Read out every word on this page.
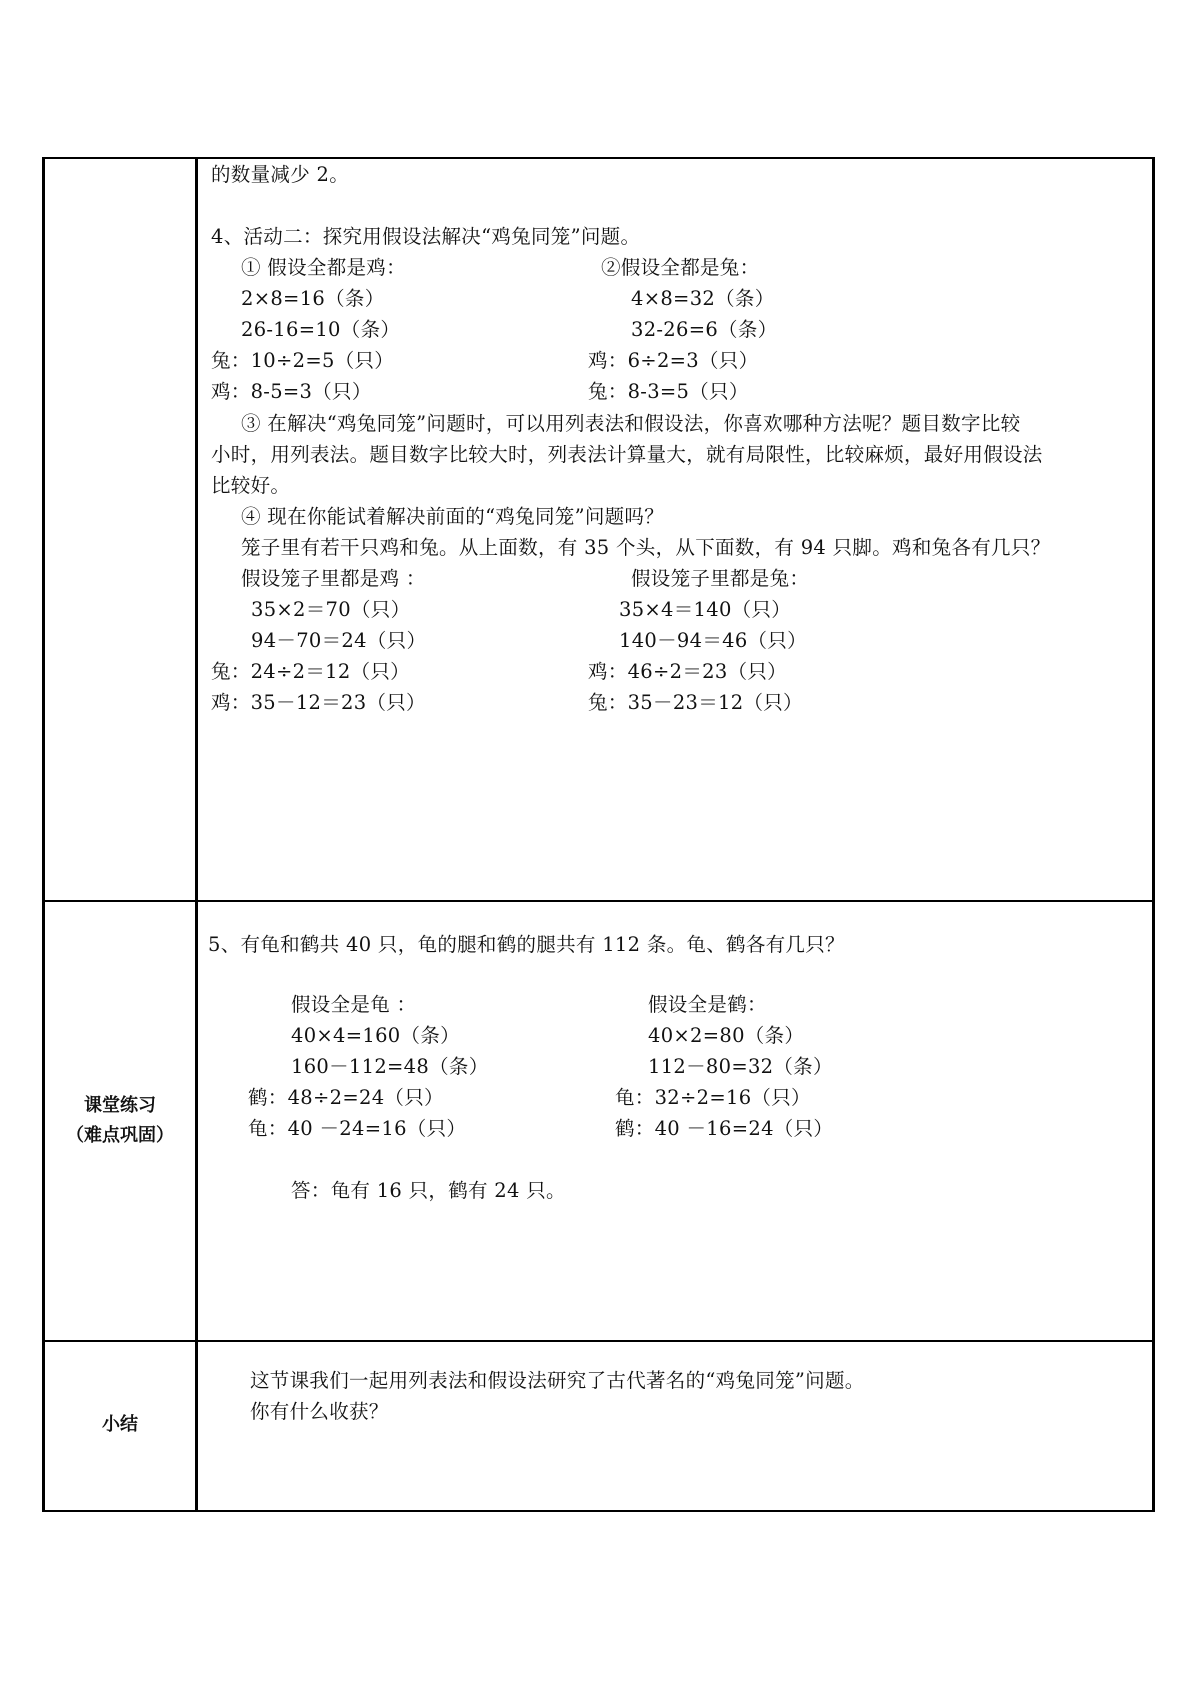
的数量减少 2。
4、活动二：探究用假设法解决“鸡兔同笼”问题。
① 假设全都是鸡：	②假设全都是兔：
2×8=16（条）	4×8=32（条）
26-16=10（条）	32-26=6（条）
兔：10÷2=5（只）	鸡：6÷2=3（只）
鸡：8-5=3（只）	兔：8-3=5（只）
③ 在解决“鸡兔同笼”问题时，可以用列表法和假设法，你喜欢哪种方法呢？题目数字比较
小时，用列表法。题目数字比较大时，列表法计算量大，就有局限性，比较麻烦，最好用假设法
比较好。
④ 现在你能试着解决前面的“鸡兔同笼”问题吗？
笼子里有若干只鸡和兔。从上面数，有 35 个头，从下面数，有 94 只脚。鸡和兔各有几只？
假设笼子里都是鸡 ：	假设笼子里都是兔：
35×2＝70（只）	35×4＝140（只）
94－70＝24（只）	140－94＝46（只）
兔：24÷2＝12（只）	鸡：46÷2＝23（只）
鸡：35－12＝23（只）	兔：35－23＝12（只）
课堂练习
（难点巩固）
5、有龟和鹤共 40 只，龟的腿和鹤的腿共有 112 条。龟、鹤各有几只？
假设全是龟 ：	假设全是鹤：
40×4=160（条）	40×2=80（条）
160－112=48（条）	112－80=32（条）
鹤：48÷2=24（只）	龟：32÷2=16（只）
龟：40 －24=16（只）	鹤：40 －16=24（只）
答：龟有 16 只，鹤有 24 只。
小结
这节课我们一起用列表法和假设法研究了古代著名的“鸡兔同笼”问题。
你有什么收获？
